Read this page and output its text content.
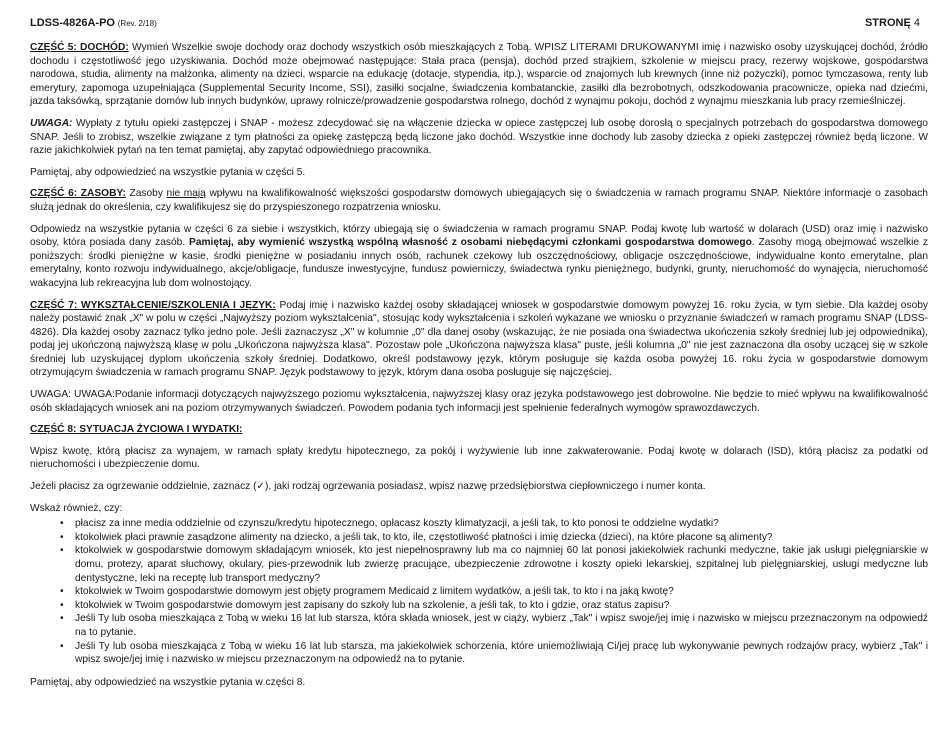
LDSS-4826A-PO (Rev. 2/18)	STRONĘ 4

CZĘŚĆ 5: DOCHÓD: Wymień Wszelkie swoje dochody oraz dochody wszystkich osób mieszkających z Tobą. WPISZ LITERAMI DRUKOWANYMI imię i nazwisko osoby uzyskującej dochód, źródło dochodu i częstotliwość jego uzyskiwania. Dochód może obejmować następujące: Stała praca (pensja), dochód przed strajkiem, szkolenie w miejscu pracy, rezerwy wojskowe, gospodarstwa narodowa, studia, alimenty na małżonka, alimenty na dzieci, wsparcie na edukację (dotacje, stypendia, itp.), wsparcie od znajomych lub krewnych (inne niż pożyczki), pomoc tymczasowa, renty lub emerytury, zapomoga uzupełniająca (Supplemental Security Income, SSI), zasiłki socjalne, świadczenia kombatanckie, zasiłki dla bezrobotnych, odszkodowania pracownicze, opieka nad dziećmi, jazda taksówką, sprzątanie domów lub innych budynków, uprawy rolnicze/prowadzenie gospodarstwa rolnego, dochód z wynajmu pokoju, dochód z wynajmu mieszkania lub pracy rzemieślniczej.

UWAGA: Wypłaty z tytułu opieki zastępczej i SNAP - możesz zdecydować się na włączenie dziecka w opiece zastępczej lub osobę dorosłą o specjalnych potrzebach do gospodarstwa domowego SNAP. Jeśli to zrobisz, wszelkie związane z tym płatności za opiekę zastępczą będą liczone jako dochód. Wszystkie inne dochody lub zasoby dziecka z opieki zastępczej również będą liczone. W razie jakichkolwiek pytań na ten temat pamiętaj, aby zapytać odpowiedniego pracownika.

Pamiętaj, aby odpowiedzieć na wszystkie pytania w części 5.

CZĘŚĆ 6: ZASOBY: Zasoby nie mają wpływu na kwalifikowalność większości gospodarstw domowych ubiegających się o świadczenia w ramach programu SNAP. Niektóre informacje o zasobach służą jednak do określenia, czy kwalifikujesz się do przyspieszonego rozpatrzenia wniosku.

Odpowiedz na wszystkie pytania w części 6 za siebie i wszystkich, którzy ubiegają się o świadczenia w ramach programu SNAP. Podaj kwotę lub wartość w dolarach (USD) oraz imię i nazwisko osoby, która posiada dany zasób. Pamiętaj, aby wymienić wszystką wspólną własność z osobami niebędącymi członkami gospodarstwa domowego. Zasoby mogą obejmować wszelkie z poniższych: środki pieniężne w kasie, środki pieniężne w posiadaniu innych osób, rachunek czekowy lub oszczędnościowy, obligacje oszczędnościowe, indywidualne konto emerytalne, plan emerytalny, konto rozwoju indywidualnego, akcje/obligacje, fundusze inwestycyjne, fundusz powierniczy, świadectwa rynku pieniężnego, budynki, grunty, nieruchomość do wynajęcia, nieruchomość wakacyjna lub rekreacyjna lub dom wolnostojący.

CZĘŚĆ 7: WYKSZTAŁCENIE/SZKOLENIA I JĘZYK: Podaj imię i nazwisko każdej osoby składającej wniosek w gospodarstwie domowym powyżej 16. roku życia, w tym siebie. Dla każdej osoby należy postawić znak „X" w polu w części „Najwyższy poziom wykształcenia", stosując kody wykształcenia i szkoleń wykazane we wniosku o przyznanie świadczeń w ramach programu SNAP (LDSS-4826). Dla każdej osoby zaznacz tylko jedno pole. Jeśli zaznaczysz „X" w kolumnie „0" dla danej osoby (wskazując, że nie posiada ona świadectwa ukończenia szkoły średniej lub jej odpowiednika), podaj jej ukończoną najwyższą klasę w polu „Ukończona najwyższa klasa". Pozostaw pole „Ukończona najwyższa klasa" puste, jeśli kolumna „0" nie jest zaznaczona dla osoby uczącej się w szkole średniej lub uzyskującej dyplom ukończenia szkoły średniej. Dodatkowo, określ podstawowy język, którym posługuje się każda osoba powyżej 16. roku życia w gospodarstwie domowym otrzymującym świadczenia w ramach programu SNAP. Język podstawowy to język, którym dana osoba posługuje się najczęściej.

UWAGA: UWAGA:Podanie informacji dotyczących najwyższego poziomu wykształcenia, najwyższej klasy oraz języka podstawowego jest dobrowolne. Nie będzie to mieć wpływu na kwalifikowalność osób składających wniosek ani na poziom otrzymywanych świadczeń. Powodem podania tych informacji jest spełnienie federalnych wymogów sprawozdawczych.

CZĘŚĆ 8: SYTUACJA ŻYCIOWA I WYDATKI:

Wpisz kwotę, którą płacisz za wynajem, w ramach spłaty kredytu hipotecznego, za pokój i wyżywienie lub inne zakwaterowanie. Podaj kwotę w dolarach (ISD), którą płacisz za podatki od nieruchomości i ubezpieczenie domu.

Jeżeli płacisz za ogrzewanie oddzielnie, zaznacz (✓), jaki rodzaj ogrzewania posiadasz, wpisz nazwę przedsiębiorstwa ciepłowniczego i numer konta.

Wskaż również, czy:

• płacisz za inne media oddzielnie od czynszu/kredytu hipotecznego, opłacasz koszty klimatyzacji, a jeśli tak, to kto ponosi te oddzielne wydatki?
• ktokolwiek płaci prawnie zasądzone alimenty na dziecko, a jeśli tak, to kto, ile, częstotliwość płatności i imię dziecka (dzieci), na które płacone są alimenty?
• ktokolwiek w gospodarstwie domowym składającym wniosek, kto jest niepełnosprawny lub ma co najmniej 60 lat ponosi jakiekolwiek rachunki medyczne, takie jak usługi pielęgniarskie w domu, protezy, aparat słuchowy, okulary, pies-przewodnik lub zwierzę pracujące, ubezpieczenie zdrowotne i koszty opieki lekarskiej, szpitalnej lub pielęgniarskiej, usługi medyczne lub dentystyczne, leki na receptę lub transport medyczny?
• ktokolwiek w Twoim gospodarstwie domowym jest objęty programem Medicaid z limitem wydatków, a jeśli tak, to kto i na jaką kwotę?
• ktokolwiek w Twoim gospodarstwie domowym jest zapisany do szkoły lub na szkolenie, a jeśli tak, to kto i gdzie, oraz status zapisu?
• Jeśli Ty lub osoba mieszkająca z Tobą w wieku 16 lat lub starsza, która składa wniosek, jest w ciąży, wybierz „Tak" i wpisz swoje/jej imię i nazwisko w miejscu przeznaczonym na odpowiedź na to pytanie.
• Jeśli Ty lub osoba mieszkająca z Tobą w wieku 16 lat lub starsza, ma jakiekolwiek schorzenia, które uniemożliwiają Ci/jej pracę lub wykonywanie pewnych rodzajów pracy, wybierz „Tak" i wpisz swoje/jej imię i nazwisko w miejscu przeznaczonym na odpowiedź na to pytanie.

Pamiętaj, aby odpowiedzieć na wszystkie pytania w części 8.
